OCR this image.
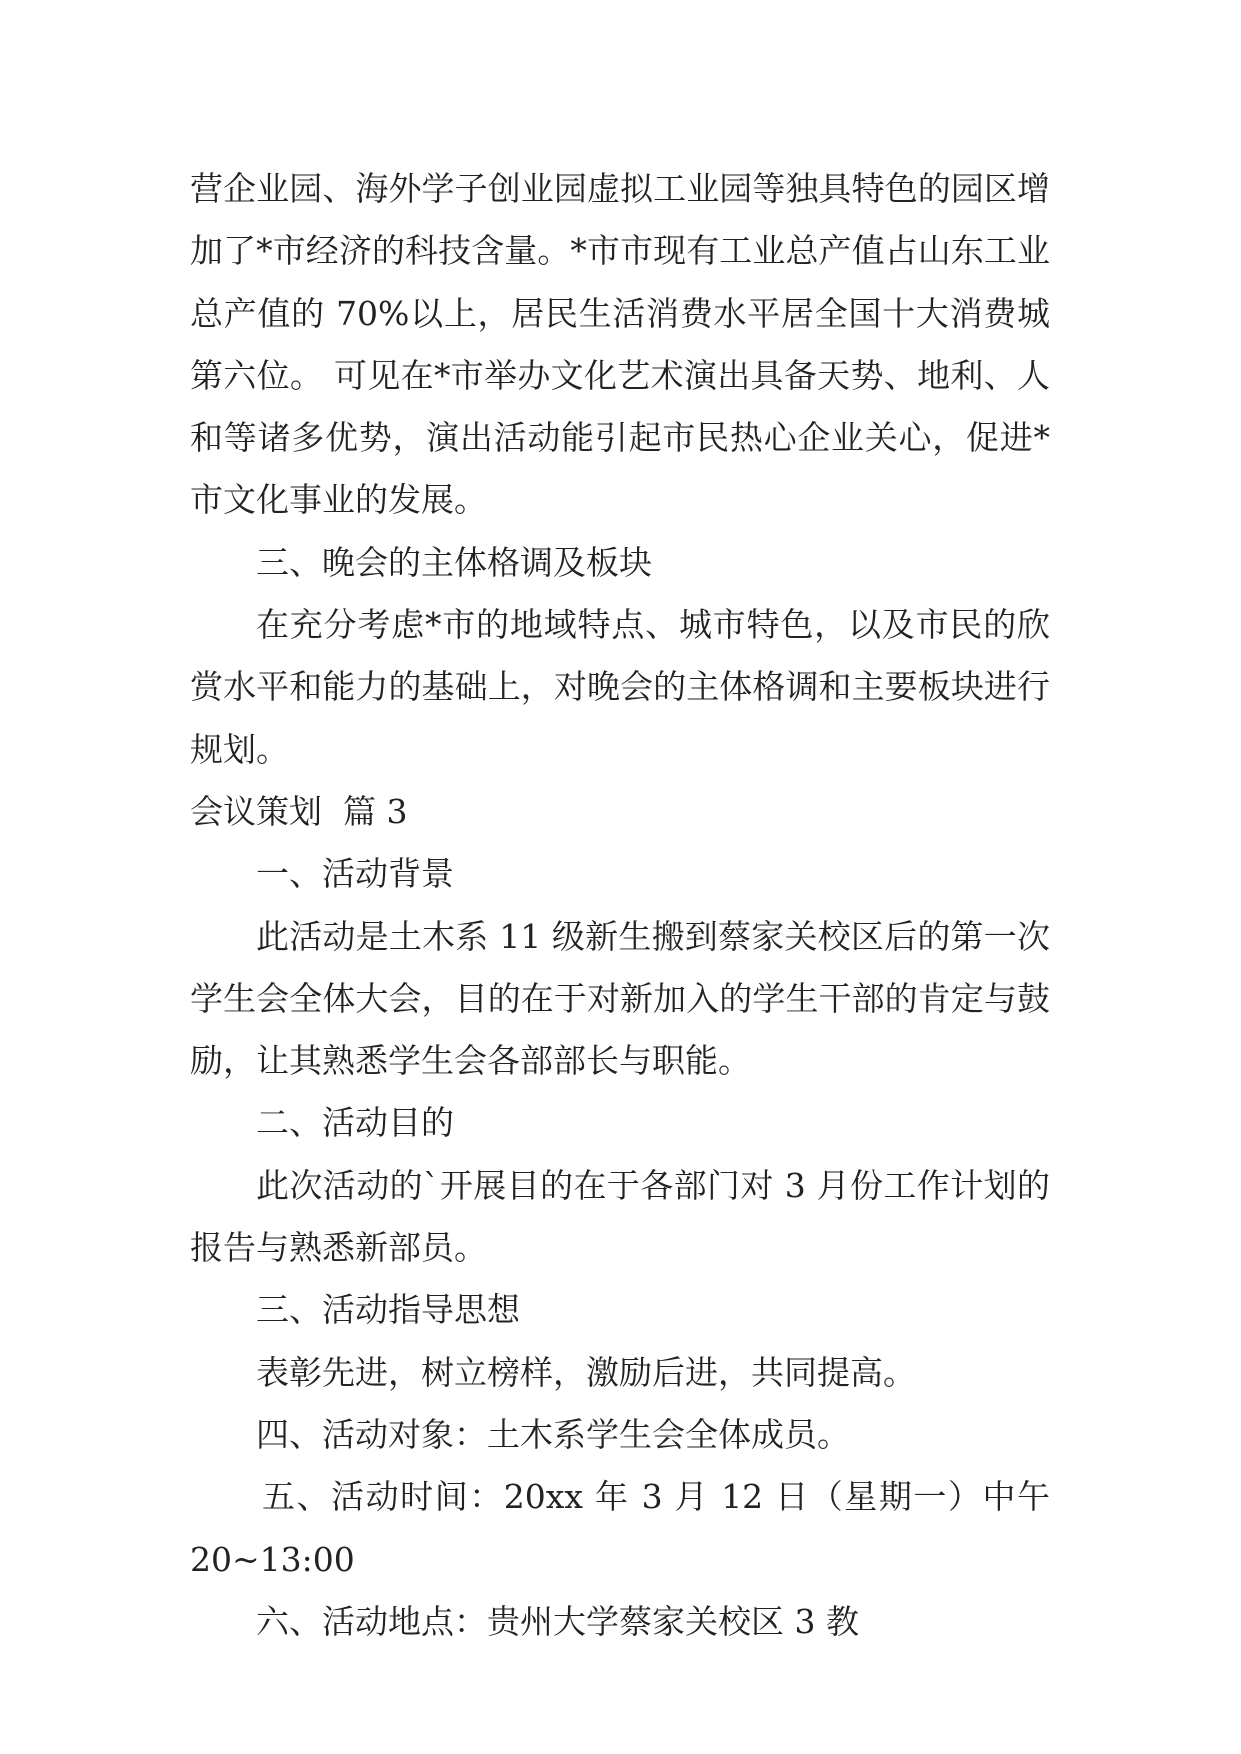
营企业园、海外学子创业园虚拟工业园等独具特色的园区增
加了*市经济的科技含量。*市市现有工业总产值占山东工业
总产值的 70%以上，居民生活消费水平居全国十大消费城
第六位。 可见在*市举办文化艺术演出具备天势、地利、人
和等诸多优势，演出活动能引起市民热心企业关心，促进*
市文化事业的发展。
三、晚会的主体格调及板块
在充分考虑*市的地域特点、城市特色，以及市民的欣
赏水平和能力的基础上，对晚会的主体格调和主要板块进行
规划。
会议策划  篇 3
一、活动背景
此活动是土木系 11 级新生搬到蔡家关校区后的第一次
学生会全体大会，目的在于对新加入的学生干部的肯定与鼓
励，让其熟悉学生会各部部长与职能。
二、活动目的
此次活动的`开展目的在于各部门对 3 月份工作计划的
报告与熟悉新部员。
三、活动指导思想
表彰先进，树立榜样，激励后进，共同提高。
四、活动对象：土木系学生会全体成员。
五、活动时间：20xx 年 3 月 12 日（星期一）中午
20~13:00
六、活动地点：贵州大学蔡家关校区 3 教
